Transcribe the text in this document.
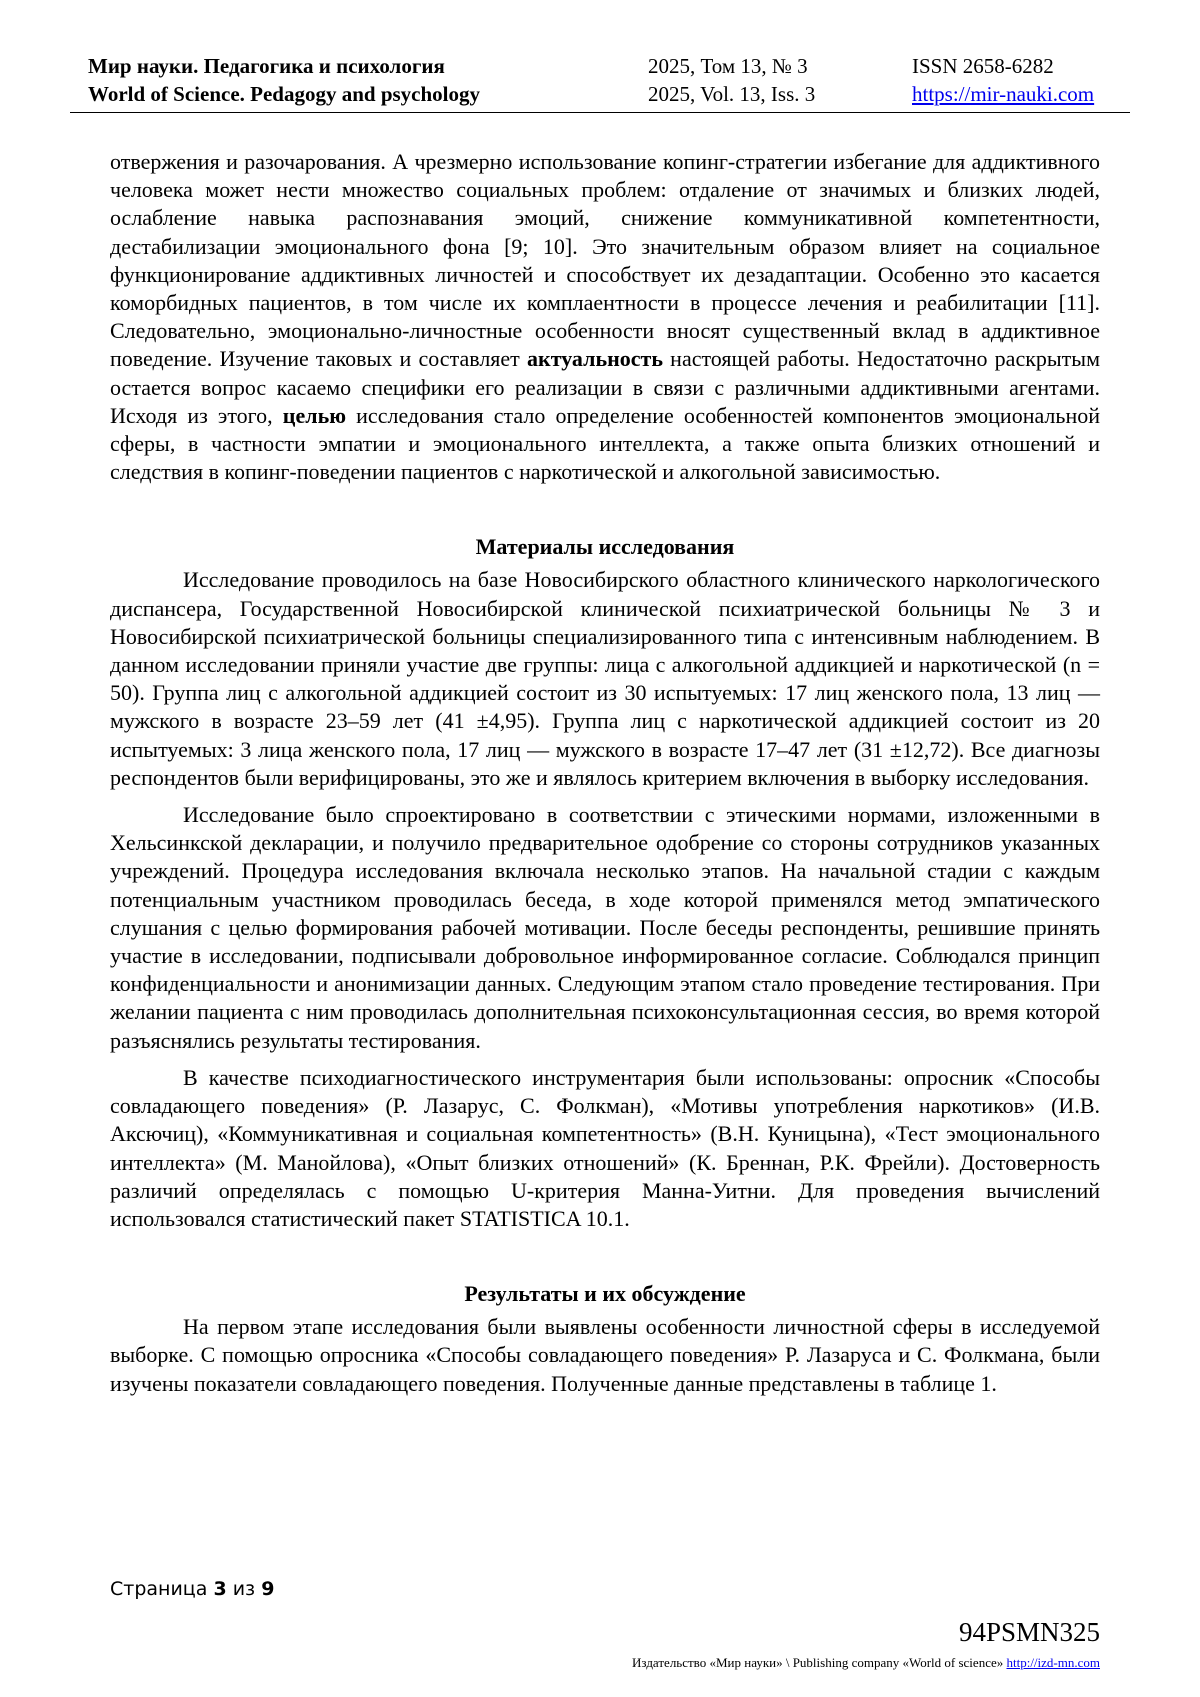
Мир науки. Педагогика и психология
World of Science. Pedagogy and psychology
2025, Том 13, № 3
2025, Vol. 13, Iss. 3
ISSN 2658-6282
https://mir-nauki.com

отвержения и разочарования. А чрезмерно использование копинг-стратегии избегание для аддиктивного человека может нести множество социальных проблем: отдаление от значимых и близких людей, ослабление навыка распознавания эмоций, снижение коммуникативной компетентности, дестабилизации эмоционального фона [9; 10]. Это значительным образом влияет на социальное функционирование аддиктивных личностей и способствует их дезадаптации. Особенно это касается коморбидных пациентов, в том числе их комплаентности в процессе лечения и реабилитации [11]. Следовательно, эмоционально-личностные особенности вносят существенный вклад в аддиктивное поведение. Изучение таковых и составляет актуальность настоящей работы. Недостаточно раскрытым остается вопрос касаемо специфики его реализации в связи с различными аддиктивными агентами. Исходя из этого, целью исследования стало определение особенностей компонентов эмоциональной сферы, в частности эмпатии и эмоционального интеллекта, а также опыта близких отношений и следствия в копинг-поведении пациентов с наркотической и алкогольной зависимостью.

Материалы исследования

Исследование проводилось на базе Новосибирского областного клинического наркологического диспансера, Государственной Новосибирской клинической психиатрической больницы № 3 и Новосибирской психиатрической больницы специализированного типа с интенсивным наблюдением. В данном исследовании приняли участие две группы: лица с алкогольной аддикцией и наркотической (n = 50). Группа лиц с алкогольной аддикцией состоит из 30 испытуемых: 17 лиц женского пола, 13 лиц — мужского в возрасте 23–59 лет (41 ±4,95). Группа лиц с наркотической аддикцией состоит из 20 испытуемых: 3 лица женского пола, 17 лиц — мужского в возрасте 17–47 лет (31 ±12,72). Все диагнозы респондентов были верифицированы, это же и являлось критерием включения в выборку исследования.

Исследование было спроектировано в соответствии с этическими нормами, изложенными в Хельсинкской декларации, и получило предварительное одобрение со стороны сотрудников указанных учреждений. Процедура исследования включала несколько этапов. На начальной стадии с каждым потенциальным участником проводилась беседа, в ходе которой применялся метод эмпатического слушания с целью формирования рабочей мотивации. После беседы респонденты, решившие принять участие в исследовании, подписывали добровольное информированное согласие. Соблюдался принцип конфиденциальности и анонимизации данных. Следующим этапом стало проведение тестирования. При желании пациента с ним проводилась дополнительная психоконсультационная сессия, во время которой разъяснялись результаты тестирования.

В качестве психодиагностического инструментария были использованы: опросник «Способы совладающего поведения» (Р. Лазарус, С. Фолкман), «Мотивы употребления наркотиков» (И.В. Аксючиц), «Коммуникативная и социальная компетентность» (В.Н. Куницына), «Тест эмоционального интеллекта» (М. Манойлова), «Опыт близких отношений» (К. Бреннан, Р.К. Фрейли). Достоверность различий определялась с помощью U-критерия Манна-Уитни. Для проведения вычислений использовался статистический пакет STATISTICA 10.1.

Результаты и их обсуждение

На первом этапе исследования были выявлены особенности личностной сферы в исследуемой выборке. С помощью опросника «Способы совладающего поведения» Р. Лазаруса и С. Фолкмана, были изучены показатели совладающего поведения. Полученные данные представлены в таблице 1.

Страница 3 из 9
94PSMN325
Издательство «Мир науки» \ Publishing company «World of science» http://izd-mn.com
